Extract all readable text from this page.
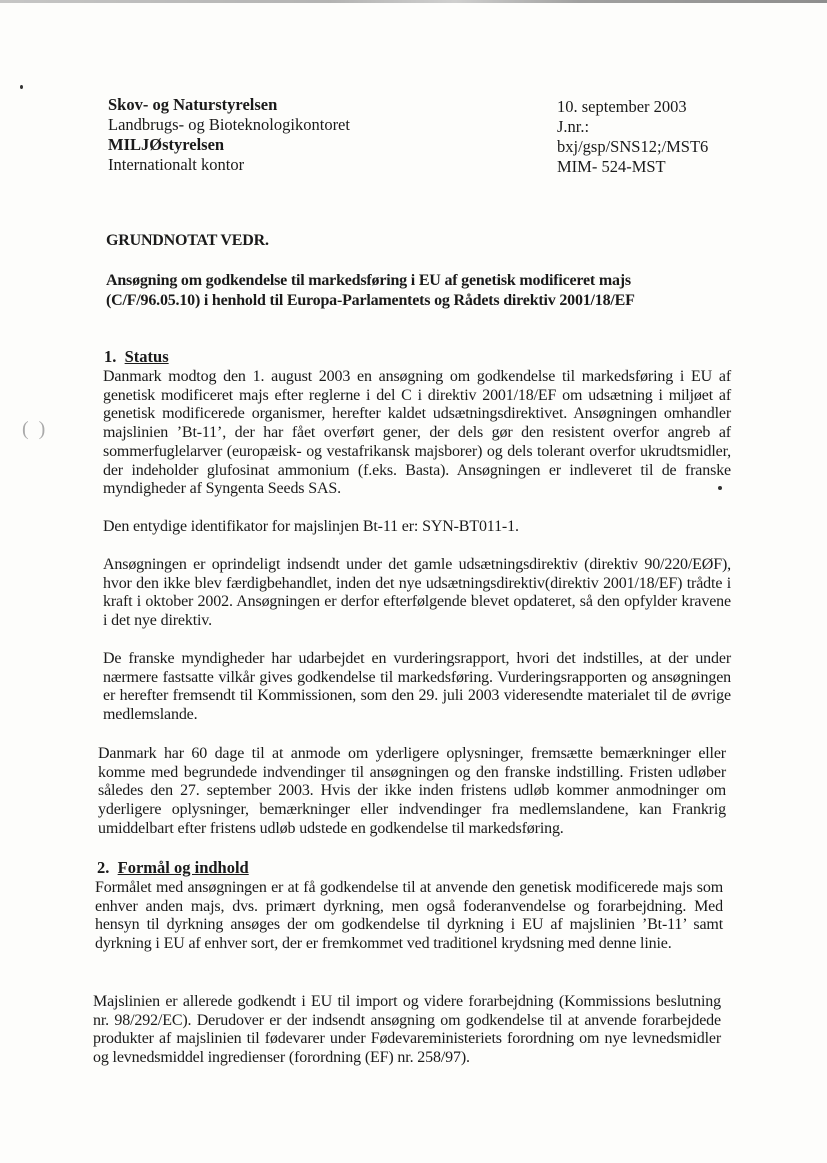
(  )
Skov- og Naturstyrelsen
Landbrugs- og Bioteknologikontoret
MILJØstyrelsen
Internationalt kontor
10. september 2003
J.nr.:
bxj/gsp/SNS12;/MST6
MIM- 524-MST
GRUNDNOTAT VEDR.
Ansøgning om godkendelse til markedsføring i EU af genetisk modificeret majs (C/F/96.05.10) i henhold til Europa-Parlamentets og Rådets direktiv 2001/18/EF
1. Status
Danmark modtog den 1. august 2003 en ansøgning om godkendelse til markedsføring i EU af genetisk modificeret majs efter reglerne i del C i direktiv 2001/18/EF om udsætning i miljøet af genetisk modificerede organismer, herefter kaldet udsætningsdirektivet. Ansøgningen omhandler majslinien ’Bt-11’, der har fået overført gener, der dels gør den resistent overfor angreb af sommerfuglelarver (europæisk- og vestafrikansk majsborer) og dels tolerant overfor ukrudtsmidler, der indeholder glufosinat ammonium (f.eks. Basta). Ansøgningen er indleveret til de franske myndigheder af Syngenta Seeds SAS.
Den entydige identifikator for majslinjen Bt-11 er: SYN-BT011-1.
Ansøgningen er oprindeligt indsendt under det gamle udsætningsdirektiv (direktiv 90/220/EØF), hvor den ikke blev færdigbehandlet, inden det nye udsætningsdirektiv(direktiv 2001/18/EF) trådte i kraft i oktober 2002. Ansøgningen er derfor efterfølgende blevet opdateret, så den opfylder kravene i det nye direktiv.
De franske myndigheder har udarbejdet en vurderingsrapport, hvori det indstilles, at der under nærmere fastsatte vilkår gives godkendelse til markedsføring. Vurderingsrapporten og ansøgningen er herefter fremsendt til Kommissionen, som den 29. juli 2003 videresendte materialet til de øvrige medlemslande.
Danmark har 60 dage til at anmode om yderligere oplysninger, fremsætte bemærkninger eller komme med begrundede indvendinger til ansøgningen og den franske indstilling. Fristen udløber således den 27. september 2003. Hvis der ikke inden fristens udløb kommer anmodninger om yderligere oplysninger, bemærkninger eller indvendinger fra medlemslandene, kan Frankrig umiddelbart efter fristens udløb udstede en godkendelse til markedsføring.
2. Formål og indhold
Formålet med ansøgningen er at få godkendelse til at anvende den genetisk modificerede majs som enhver anden majs, dvs. primært dyrkning, men også foderanvendelse og forarbejdning. Med hensyn til dyrkning ansøges der om godkendelse til dyrkning i EU af majslinien ’Bt-11’ samt dyrkning i EU af enhver sort, der er fremkommet ved traditionel krydsning med denne linie.
Majslinien er allerede godkendt i EU til import og videre forarbejdning (Kommissions beslutning nr. 98/292/EC). Derudover er der indsendt ansøgning om godkendelse til at anvende forarbejdede produkter af majslinien til fødevarer under Fødevareministeriets forordning om nye levnedsmidler og levnedsmiddel ingredienser (forordning (EF) nr. 258/97).
